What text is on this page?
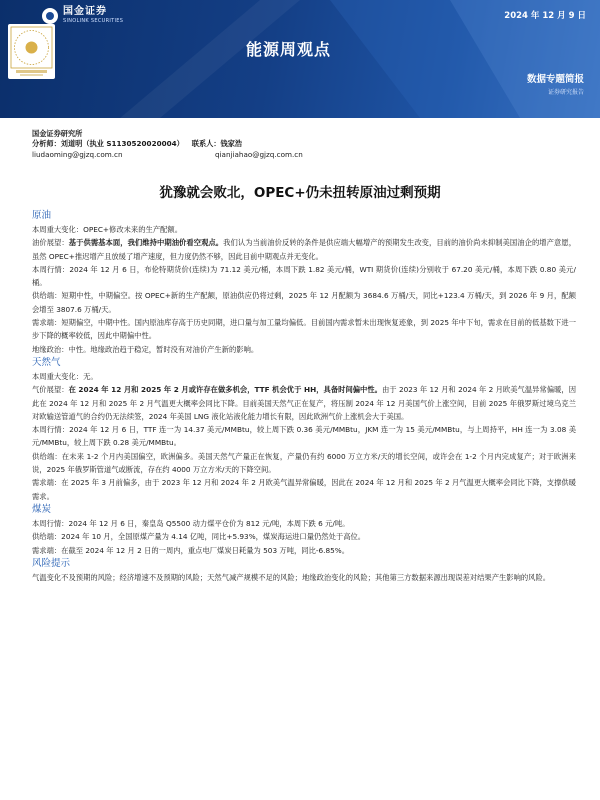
国金证券
SINOLINK SECURITIES	2024 年 12 月 9 日
能源周观点
数据专题简报
证券研究报告
国金证券研究所
分析师：刘道明（执业 S1130520020004） 联系人：钱家浩
liudaoming@gjzq.com.cn	qianjiahao@gjzq.com.cn
犹豫就会败北，OPEC+仍未扭转原油过剩预期
原油

本周重大变化：OPEC+修改未来的生产配额。

油价展望：基于供需基本面，我们维持中期油价看空观点。我们认为当前油价反转的条件是供应端大幅增产的预期发生改变，目前的油价尚未抑制美国油企的增产意愿，虽然 OPEC+推迟增产且放缓了增产速度，但力度仍然不够，因此目前中期观点并无变化。

本周行情：2024 年 12 月 6 日，布伦特期货价(连续)为 71.12 美元/桶，本周下跌 1.82 美元/桶，WTI 期货价(连续)分别收于 67.20 美元/桶，本周下跌 0.80 美元/桶。

供给端：短期中性，中期偏空。按 OPEC+新的生产配额，原油供应仍将过剩，2025 年 12 月配额为 3684.6 万桶/天，同比+123.4 万桶/天，到 2026 年 9 月，配额会增至 3807.6 万桶/天。

需求端：短期偏空，中期中性。国内原油库存高于历史同期，进口量与加工量均偏低。目前国内需求暂未出现恢复迹象，到 2025 年中下旬，需求在目前的低基数下进一步下降的概率较低，因此中期偏中性。

地缘政治：中性。地缘政治趋于稳定，暂时没有对油价产生新的影响。

天然气

本周重大变化：无。

气价展望：在 2024 年 12 月和 2025 年 2 月或许存在做多机会，TTF 机会优于 HH，具备时间偏中性。由于 2023 年 12 月和 2024 年 2 月欧美气温异常偏暖，因此在 2024 年 12 月和 2025 年 2 月气温更大概率会同比下降。目前美国天然气正在复产，将压制 2024 年 12 月美国气价上涨空间，目前 2025 年俄罗斯过境乌克兰对欧输送管道气的合约仍无法续签，2024 年美国 LNG 液化站液化能力增长有限，因此欧洲气价上涨机会大于美国。

本周行情：2024 年 12 月 6 日，TTF 连一为 14.37 美元/MMBtu，较上周下跌 0.36 美元/MMBtu，JKM 连一为 15 美元/MMBtu，与上周持平，HH 连一为 3.08 美元/MMBtu，较上周下跌 0.28 美元/MMBtu。

供给端：在未来 1-2 个月内美国偏空，欧洲偏多。美国天然气产量正在恢复，产量仍有约 6000 万立方米/天的增长空间，或许会在 1-2 个月内完成复产；对于欧洲来说，2025 年俄罗斯管道气或断流，存在约 4000 万立方米/天的下降空间。

需求端：在 2025 年 3 月前偏多，由于 2023 年 12 月和 2024 年 2 月欧美气温异常偏暖，因此在 2024 年 12 月和 2025 年 2 月气温更大概率会同比下降，支撑供暖需求。

煤炭

本周行情：2024 年 12 月 6 日，秦皇岛 Q5500 动力煤平仓价为 812 元/吨，本周下跌 6 元/吨。

供给端：2024 年 10 月，全国原煤产量为 4.14 亿吨，同比+5.93%，煤炭海运进口量仍然处于高位。

需求端：在截至 2024 年 12 月 2 日的一周内，重点电厂煤炭日耗量为 503 万吨，同比-6.85%。

风险提示

气温变化不及预期的风险；经济增速不及预期的风险；天然气减产规模不足的风险；地缘政治变化的风险；其他第三方数据来源出现误差对结果产生影响的风险。
